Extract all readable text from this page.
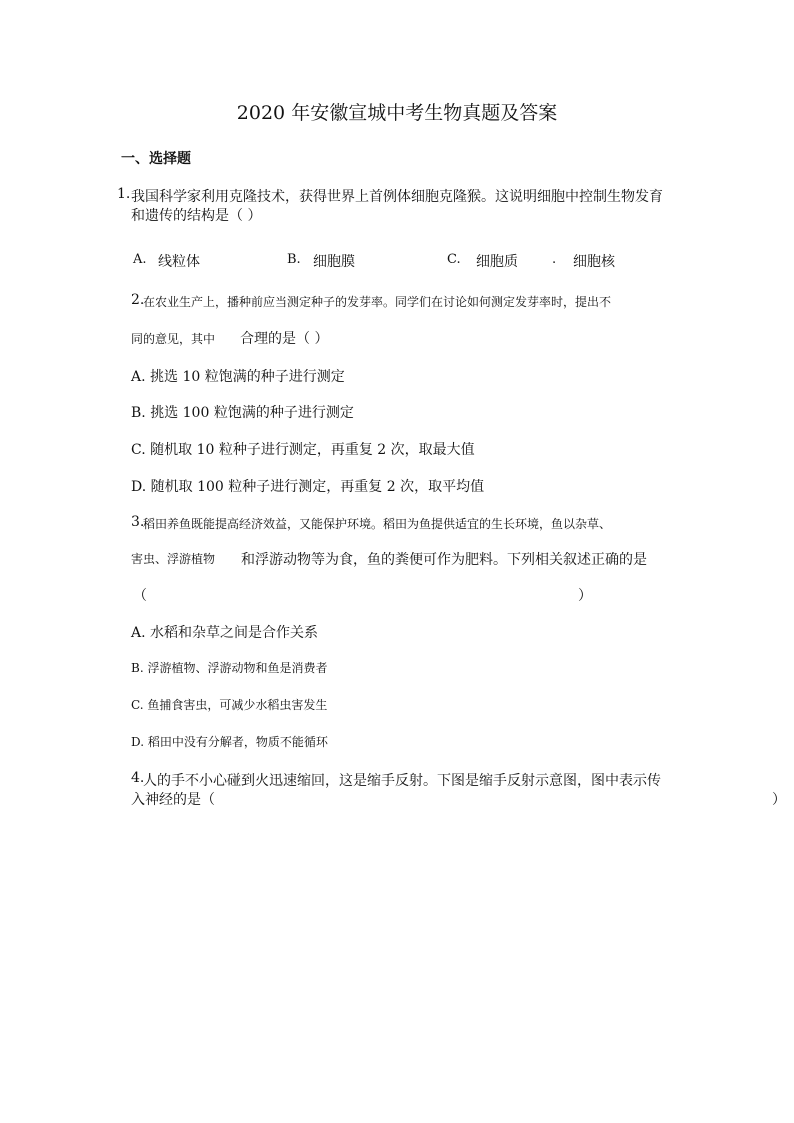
2020 年安徽宣城中考生物真题及答案
一、选择题
1. 我国科学家利用克隆技术，获得世界上首例体细胞克隆猴。这说明细胞中控制生物发育
和遗传的结构是（ ）
A. 线粒体	B. 细胞膜	C. 细胞质	. 细胞核
2.
在农业生产上，播种前应当测定种子的发芽率。同学们在讨论如何测定发芽率时，提出不
同的意见，其中 合理的是（ ）
A. 挑选 10 粒饱满的种子进行测定
B. 挑选 100 粒饱满的种子进行测定
C. 随机取 10 粒种子进行测定，再重复 2 次，取最大值
D. 随机取 100 粒种子进行测定，再重复 2 次，取平均值
3.
稻田养鱼既能提高经济效益，又能保护环境。稻田为鱼提供适宜的生长环境，鱼以杂草、
害虫、浮游植物 和浮游动物等为食，鱼的粪便可作为肥料。下列相关叙述正确的是
（	）
A. 水稻和杂草之间是合作关系
B. 浮游植物、浮游动物和鱼是消费者
C. 鱼捕食害虫，可减少水稻虫害发生
D. 稻田中没有分解者，物质不能循环
4.
人的手不小心碰到火迅速缩回，这是缩手反射。下图是缩手反射示意图，图中表示传
入神经的是（	）
